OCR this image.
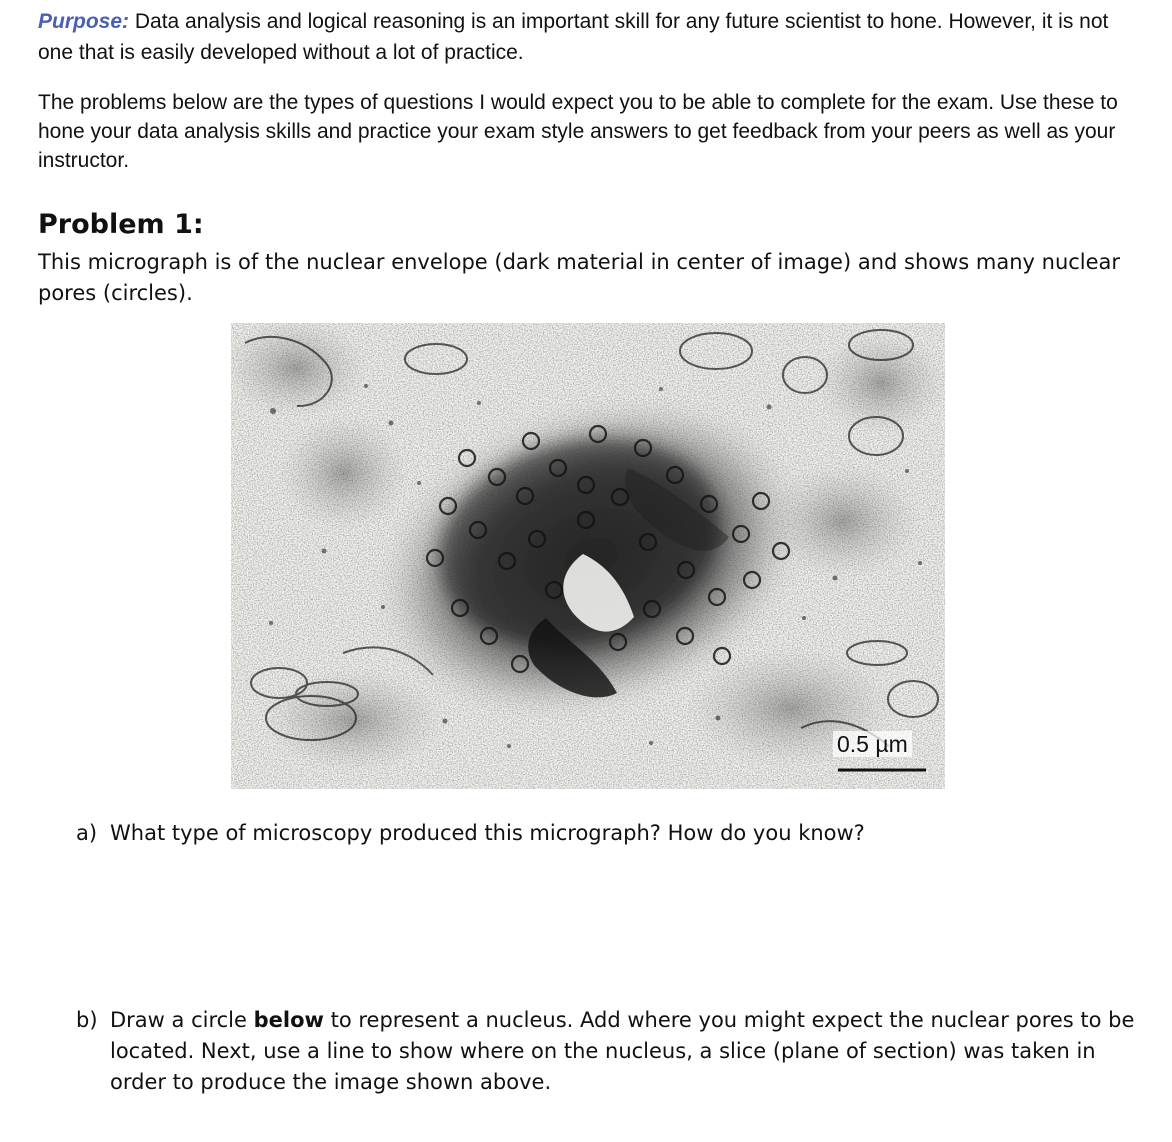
Purpose: Data analysis and logical reasoning is an important skill for any future scientist to hone. However, it is not one that is easily developed without a lot of practice.

The problems below are the types of questions I would expect you to be able to complete for the exam. Use these to hone your data analysis skills and practice your exam style answers to get feedback from your peers as well as your instructor.

Problem 1:

This micrograph is of the nuclear envelope (dark material in center of image) and shows many nuclear pores (circles).

0.5 µm

a) What type of microscopy produced this micrograph? How do you know?

b) Draw a circle below to represent a nucleus. Add where you might expect the nuclear pores to be located. Next, use a line to show where on the nucleus, a slice (plane of section) was taken in order to produce the image shown above.
